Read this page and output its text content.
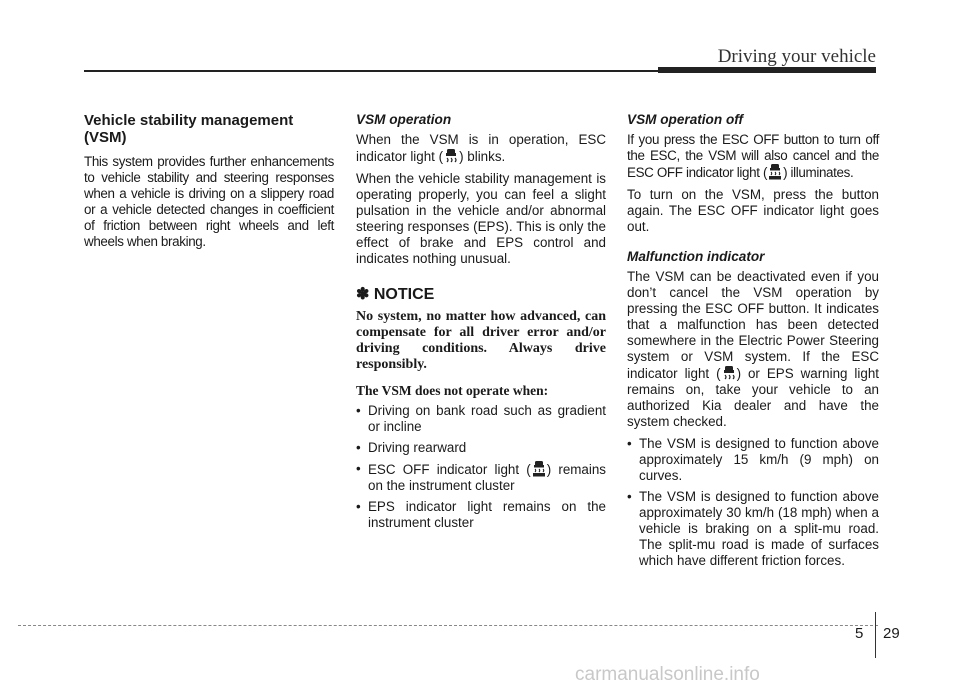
Driving your vehicle
Vehicle stability management (VSM)

This system provides further enhancements to vehicle stability and steering responses when a vehicle is driving on a slippery road or a vehicle detected changes in coefficient of friction between right wheels and left wheels when braking.

VSM operation

When the VSM is in operation, ESC indicator light ( ) blinks.

When the vehicle stability management is operating properly, you can feel a slight pulsation in the vehicle and/or abnormal steering responses (EPS). This is only the effect of brake and EPS control and indicates nothing unusual.

✽ NOTICE
No system, no matter how advanced, can compensate for all driver error and/or driving conditions. Always drive responsibly.
The VSM does not operate when:
• Driving on bank road such as gradient or incline
• Driving rearward
• ESC OFF indicator light ( ) remains on the instrument cluster
• EPS indicator light remains on the instrument cluster
VSM operation off

If you press the ESC OFF button to turn off the ESC, the VSM will also cancel and the ESC OFF indicator light ( ) illuminates.

To turn on the VSM, press the button again. The ESC OFF indicator light goes out.

Malfunction indicator

The VSM can be deactivated even if you don’t cancel the VSM operation by pressing the ESC OFF button. It indicates that a malfunction has been detected somewhere in the Electric Power Steering system or VSM system. If the ESC indicator light ( ) or EPS warning light remains on, take your vehicle to an authorized Kia dealer and have the system checked.

• The VSM is designed to function above approximately 15 km/h (9 mph) on curves.
• The VSM is designed to function above approximately 30 km/h (18 mph) when a vehicle is braking on a split-mu road. The split-mu road is made of surfaces which have different friction forces.
5 29
carmanualsonline.info
